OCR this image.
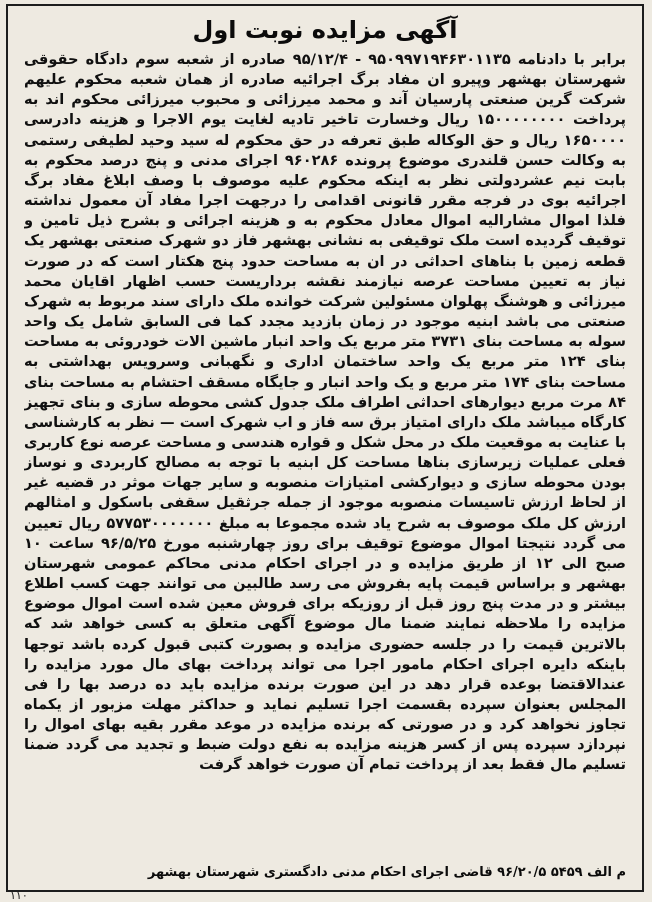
آگهی مزایده نوبت اول
برابر با دادنامه ۹۵۰۹۹۷۱۹۴۶۳۰۱۱۳۵ - ۹۵/۱۲/۴ صادره از شعبه سوم دادگاه حقوقی شهرستان بهشهر وپیرو ان مفاد برگ اجرائیه صادره از همان شعبه محکوم علیهم شرکت گرین صنعتی پارسیان آند و محمد میرزائی و محبوب میرزائی محکوم اند به پرداخت ۱۵۰۰۰۰۰۰۰۰ ریال وخسارت تاخیر تادیه لغایت یوم الاجرا و هزینه دادرسی ۱۶۵۰۰۰۰ ریال و حق الوکاله طبق تعرفه در حق محکوم له سید وحید لطیفی رستمی به وکالت حسن قلندری موضوع پرونده ۹۶۰۲۸۶ اجرای مدنی و پنج درصد محکوم به بابت نیم عشردولتی نظر به اینکه محکوم علیه موصوف با وصف ابلاغ مفاد برگ اجرائیه بوی در فرجه مقرر قانونی اقدامی را درجهت اجرا مفاد آن معمول نداشته فلذا اموال مشارالیه اموال معادل محکوم به و هزینه اجرائی و بشرح ذیل تامین و توقیف گردیده است ملک توقیفی به نشانی بهشهر فاز دو شهرک صنعتی بهشهر یک قطعه زمین با بناهای احداثی در ان به مساحت حدود پنج هکتار است که در صورت نیاز به تعیین مساحت عرصه نیازمند نقشه برداریست حسب اظهار اقایان محمد میرزائی و هوشنگ پهلوان مسئولین شرکت خوانده ملک دارای سند مربوط به شهرک صنعتی می باشد ابنیه موجود در زمان بازدید مجدد کما فی السابق شامل یک واحد سوله به مساحت بنای ۳۷۳۱ متر مربع یک واحد انبار ماشین الات خودروئی به مساحت بنای ۱۲۴ متر مربع یک واحد ساختمان اداری و نگهبانی وسرویس بهداشتی به مساحت بنای ۱۷۴ متر مربع و یک واحد انبار و جایگاه مسقف احتشام به مساحت بنای ۸۴ مرت مربع دیوارهای احداثی اطراف ملک جدول کشی محوطه سازی و بنای تجهیز کارگاه میباشد ملک دارای امتیاز برق سه فاز و اب شهرک است — نظر به کارشناسی با عنایت به موقعیت ملک در محل شکل و قواره هندسی و مساحت عرصه نوع کاربری فعلی عملیات زیرسازی بناها مساحت کل ابنیه با توجه به مصالح کاربردی و نوساز بودن محوطه سازی و دیوارکشی امتیازات منصوبه و سایر جهات موثر در قضیه غیر از لحاظ ارزش تاسیسات منصوبه موجود از جمله جرثقیل سقفی باسکول و امثالهم ارزش کل ملک موصوف به شرح یاد شده مجموعا به مبلغ ۵۷۷۵۳۰۰۰۰۰۰۰ ریال تعیین می گردد نتیجتا اموال موضوع توقیف برای روز چهارشنبه مورخ ۹۶/۵/۲۵ ساعت ۱۰ صبح الی ۱۲ از طریق مزایده و در اجرای احکام مدنی محاکم عمومی شهرستان بهشهر و براساس قیمت پایه بفروش می رسد طالبین می توانند جهت کسب اطلاع بیشتر و در مدت پنج روز قبل از روزیکه برای فروش معین شده است اموال موضوع مزایده را ملاحظه نمایند ضمنا مال موضوع آگهی متعلق به کسی خواهد شد که بالاترین قیمت را در جلسه حضوری مزایده و بصورت کتبی قبول کرده باشد توجها باینکه دایره اجرای احکام مامور اجرا می تواند پرداخت بهای مال مورد مزایده را عندالاقتضا بوعده قرار دهد در این صورت برنده مزایده باید ده درصد بها را فی المجلس بعنوان سپرده بقسمت اجرا تسلیم نماید و حداکثر مهلت مزبور از یکماه تجاوز نخواهد کرد و در صورتی که برنده مزایده در موعد مقرر بقیه بهای اموال را نپردازد سپرده پس از کسر هزینه مزایده به نفع دولت ضبط و تجدید می گردد ضمنا تسلیم مال فقط بعد از پرداخت تمام آن صورت خواهد گرفت
م الف ۵۴۵۹ ۹۶/۲۰/۵ قاضی اجرای احکام مدنی دادگستری شهرستان بهشهر
۱۱۰
